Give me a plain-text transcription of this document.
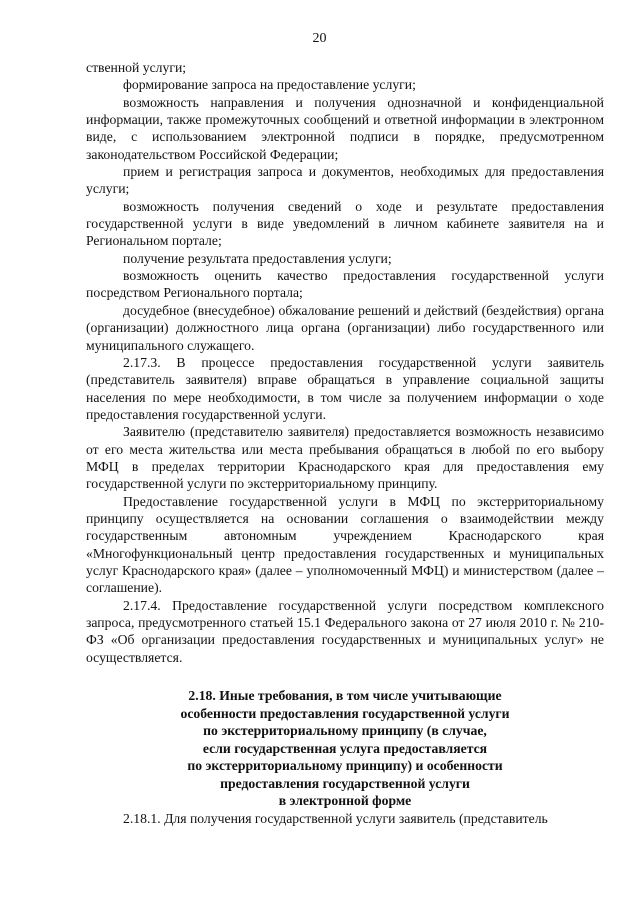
20

ственной услуги;

формирование запроса на предоставление услуги;

возможность направления и получения однозначной и конфиденциальной информации, также промежуточных сообщений и ответной информации в электронном виде, с использованием электронной подписи в порядке, предусмотренном законодательством Российской Федерации;

прием и регистрация запроса и документов, необходимых для предоставления услуги;

возможность получения сведений о ходе и результате предоставления государственной услуги в виде уведомлений в личном кабинете заявителя на и Региональном портале;

получение результата предоставления услуги;

возможность оценить качество предоставления государственной услуги посредством Регионального портала;

досудебное (внесудебное) обжалование решений и действий (бездействия) органа (организации) должностного лица органа (организации) либо государственного или муниципального служащего.

2.17.3. В процессе предоставления государственной услуги заявитель (представитель заявителя) вправе обращаться в управление социальной защиты населения по мере необходимости, в том числе за получением информации о ходе предоставления государственной услуги.

Заявителю (представителю заявителя) предоставляется возможность независимо от его места жительства или места пребывания обращаться в любой по его выбору МФЦ в пределах территории Краснодарского края для предоставления ему государственной услуги по экстерриториальному принципу.

Предоставление государственной услуги в МФЦ по экстерриториальному принципу осуществляется на основании соглашения о взаимодействии между государственным автономным учреждением Краснодарского края «Многофункциональный центр предоставления государственных и муниципальных услуг Краснодарского края» (далее – уполномоченный МФЦ) и министерством (далее – соглашение).

2.17.4. Предоставление государственной услуги посредством комплексного запроса, предусмотренного статьей 15.1 Федерального закона от 27 июля 2010 г. № 210-ФЗ «Об организации предоставления государственных и муниципальных услуг» не осуществляется.

2.18. Иные требования, в том числе учитывающие
особенности предоставления государственной услуги
по экстерриториальному принципу (в случае,
если государственная услуга предоставляется
по экстерриториальному принципу) и особенности
предоставления государственной услуги
в электронной форме

2.18.1. Для получения государственной услуги заявитель (представитель
